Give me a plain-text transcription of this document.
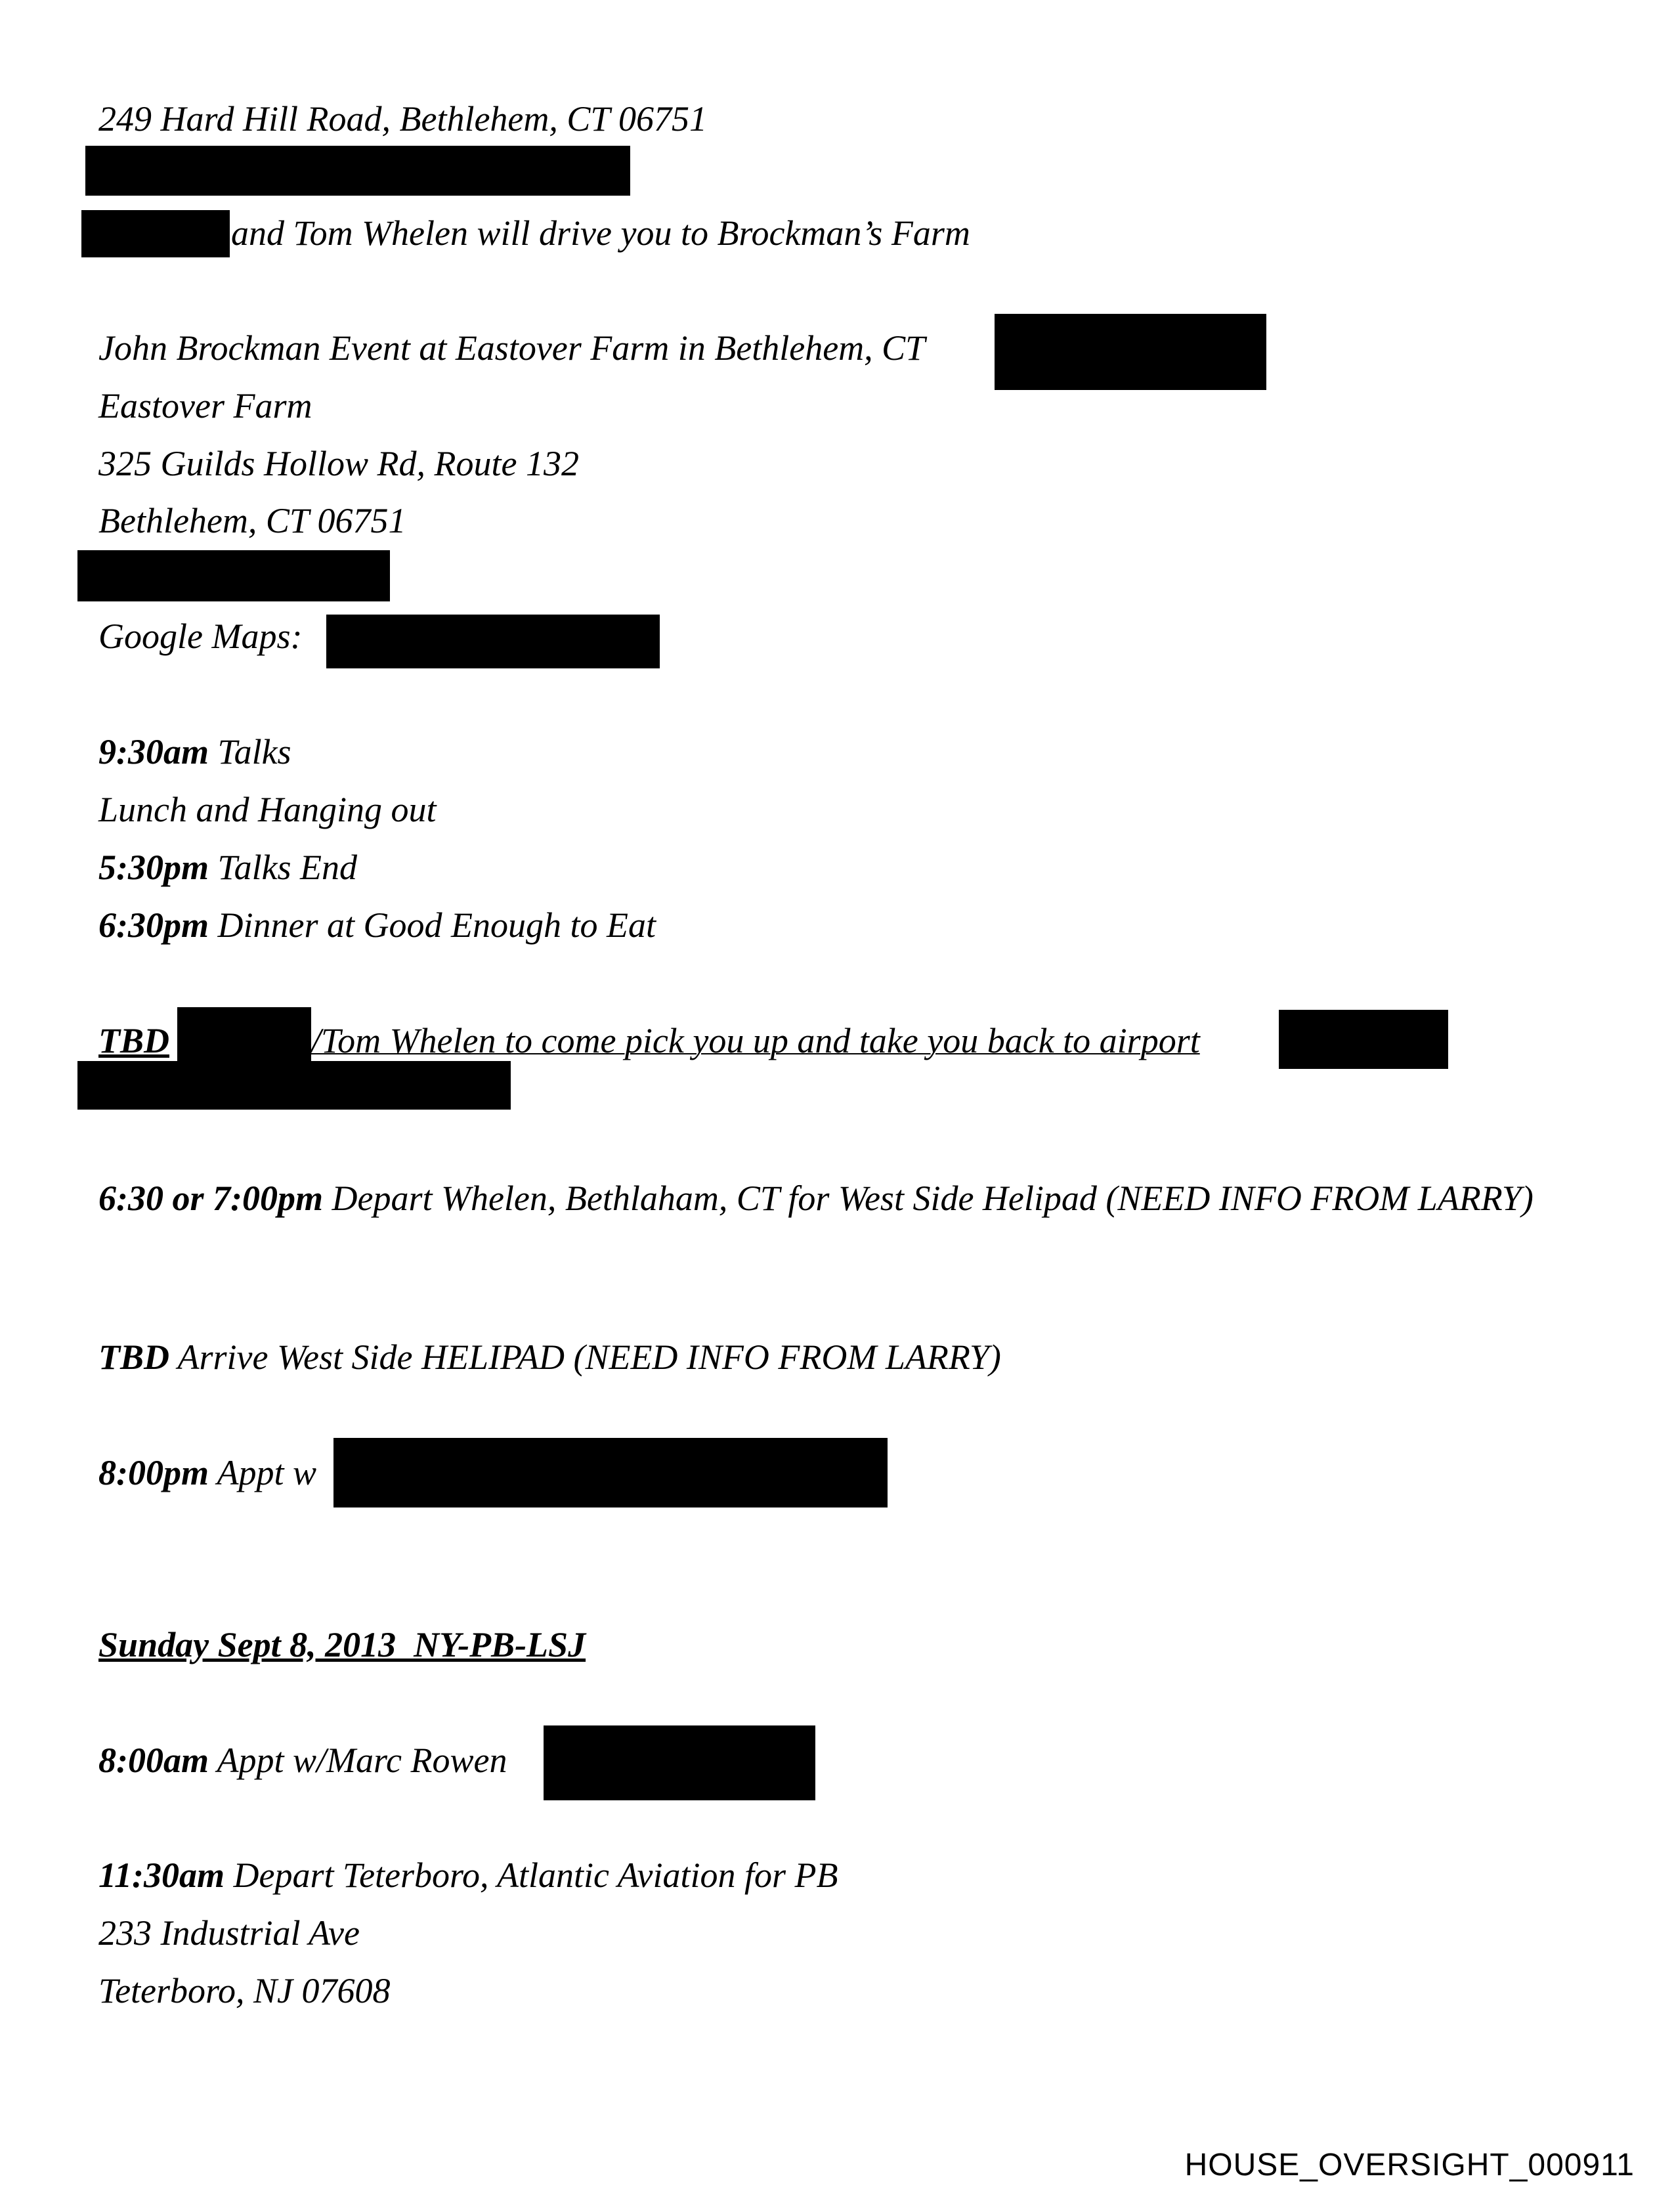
249 Hard Hill Road, Bethlehem, CT 06751
and Tom Whelen will drive you to Brockman’s Farm
John Brockman Event at Eastover Farm in Bethlehem, CT
Eastover Farm
325 Guilds Hollow Rd, Route 132
Bethlehem, CT 06751
Google Maps:
9:30am Talks
Lunch and Hanging out
5:30pm Talks End
6:30pm Dinner at Good Enough to Eat
TBD	/Tom Whelen to come pick you up and take you back to airport
6:30 or 7:00pm Depart Whelen, Bethlaham, CT for West Side Helipad (NEED INFO FROM LARRY)
TBD Arrive West Side HELIPAD (NEED INFO FROM LARRY)
8:00pm Appt w
Sunday Sept 8, 2013  NY-PB-LSJ
8:00am Appt w/Marc Rowen
11:30am Depart Teterboro, Atlantic Aviation for PB
233 Industrial Ave
Teterboro, NJ 07608
HOUSE_OVERSIGHT_000911
